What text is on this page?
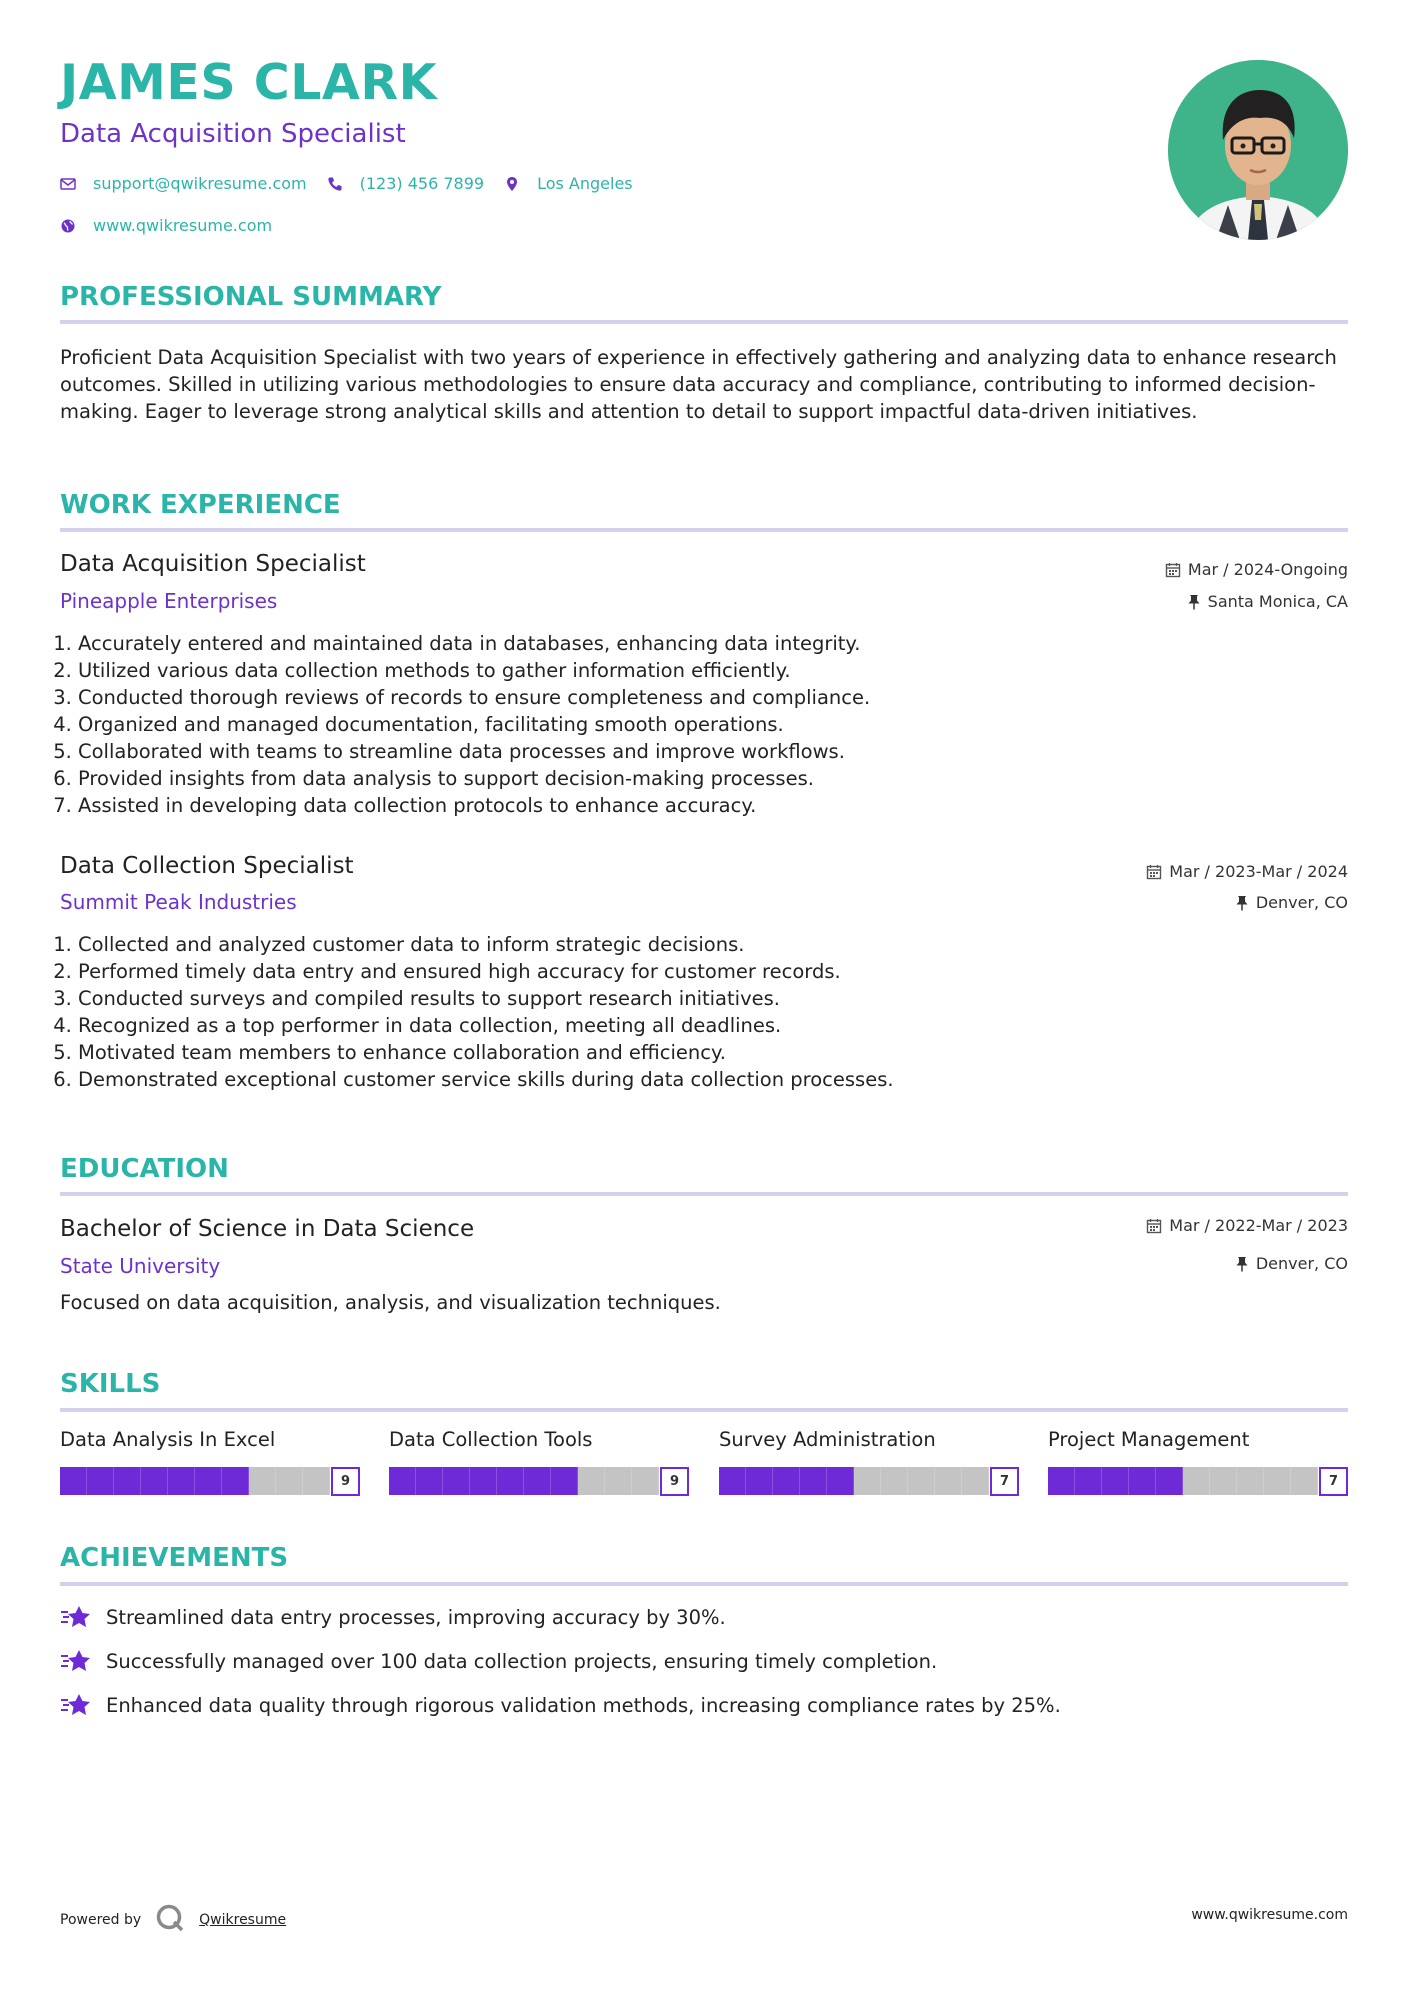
JAMES CLARK
Data Acquisition Specialist
support@qwikresume.com	(123) 456 7899	Los Angeles
www.qwikresume.com
PROFESSIONAL SUMMARY

Proficient Data Acquisition Specialist with two years of experience in effectively gathering and analyzing data to enhance research outcomes. Skilled in utilizing various methodologies to ensure data accuracy and compliance, contributing to informed decision-making. Eager to leverage strong analytical skills and attention to detail to support impactful data-driven initiatives.

WORK EXPERIENCE
Data Acquisition Specialist
Pineapple Enterprises
Mar / 2024-Ongoing
Santa Monica, CA
1. Accurately entered and maintained data in databases, enhancing data integrity.
2. Utilized various data collection methods to gather information efficiently.
3. Conducted thorough reviews of records to ensure completeness and compliance.
4. Organized and managed documentation, facilitating smooth operations.
5. Collaborated with teams to streamline data processes and improve workflows.
6. Provided insights from data analysis to support decision-making processes.
7. Assisted in developing data collection protocols to enhance accuracy.
Data Collection Specialist
Summit Peak Industries
Mar / 2023-Mar / 2024
Denver, CO
1. Collected and analyzed customer data to inform strategic decisions.
2. Performed timely data entry and ensured high accuracy for customer records.
3. Conducted surveys and compiled results to support research initiatives.
4. Recognized as a top performer in data collection, meeting all deadlines.
5. Motivated team members to enhance collaboration and efficiency.
6. Demonstrated exceptional customer service skills during data collection processes.
EDUCATION
Bachelor of Science in Data Science
State University
Mar / 2022-Mar / 2023
Denver, CO

Focused on data acquisition, analysis, and visualization techniques.

SKILLS
Data Analysis In Excel
9
Data Collection Tools
9
Survey Administration
7
Project Management
7
ACHIEVEMENTS
Streamlined data entry processes, improving accuracy by 30%.
Successfully managed over 100 data collection projects, ensuring timely completion.
Enhanced data quality through rigorous validation methods, increasing compliance rates by 25%.
Powered by	Qwikresume	www.qwikresume.com
